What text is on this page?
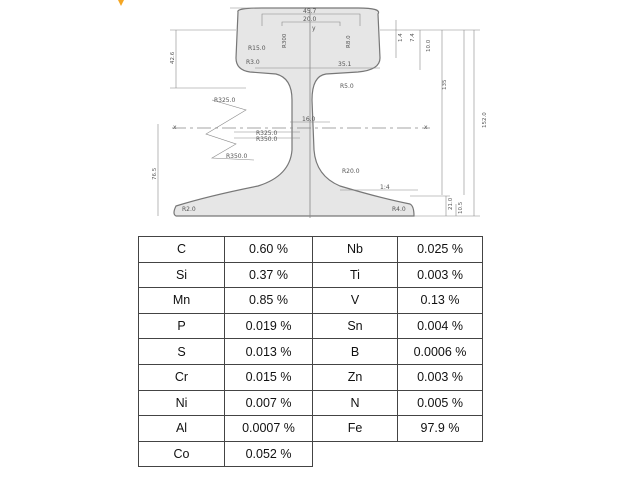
45.7
20.0
y
R15.0
R3.0
R300	R8.0
35.1
R5.0
R325.0
16.0
x	x
R325.0
R350.0
R350.0
R20.0
1:4
R2.0	R4.0
42.6
76.5
135
152.0
10.0
1.4 7.4
21.0 10.5
C	0.60 %	Nb	0.025 %
Si	0.37 %	Ti	0.003 %
Mn	0.85 %	V	0.13 %
P	0.019 %	Sn	0.004 %
S	0.013 %	B	0.0006 %
Cr	0.015 %	Zn	0.003 %
Ni	0.007 %	N	0.005 %
Al	0.0007 %	Fe	97.9 %
Co	0.052 %		
